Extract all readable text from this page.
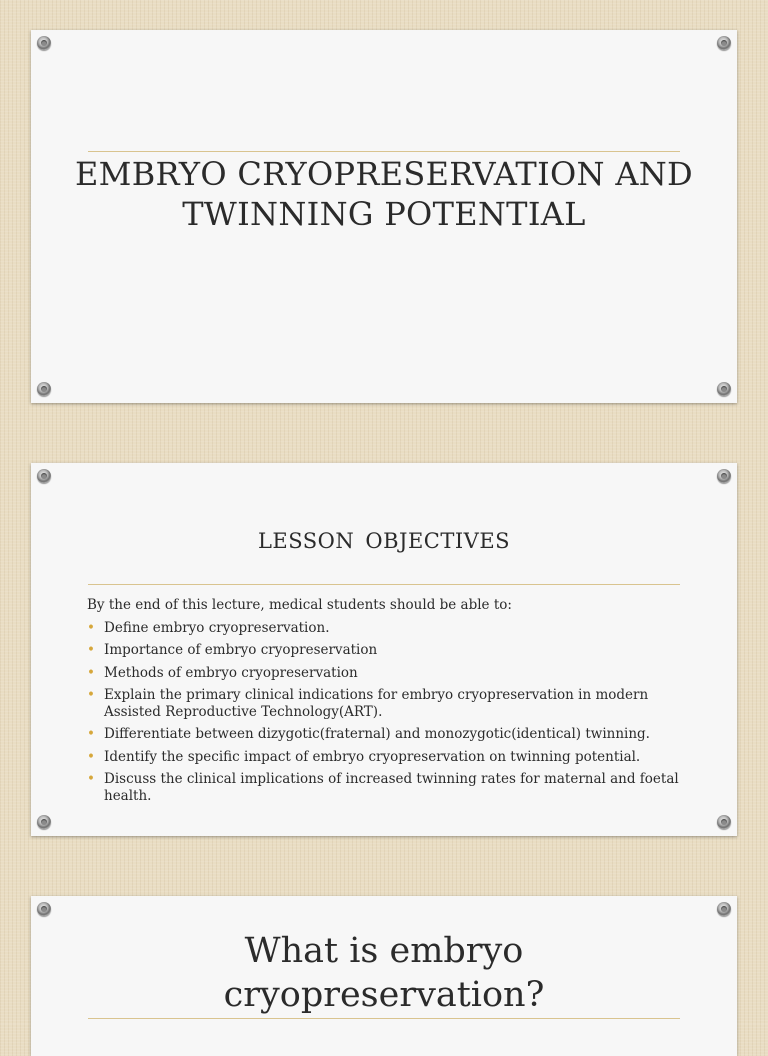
EMBRYO CRYOPRESERVATION AND
TWINNING POTENTIAL
LESSON OBJECTIVES

By the end of this lecture, medical students should be able to:

• Define embryo cryopreservation.
• Importance of embryo cryopreservation
• Methods of embryo cryopreservation
• Explain the primary clinical indications for embryo cryopreservation in modern Assisted Reproductive Technology(ART).
• Differentiate between dizygotic(fraternal) and monozygotic(identical) twinning.
• Identify the specific impact of embryo cryopreservation on twinning potential.
• Discuss the clinical implications of increased twinning rates for maternal and foetal health.
What is embryo
cryopreservation?
